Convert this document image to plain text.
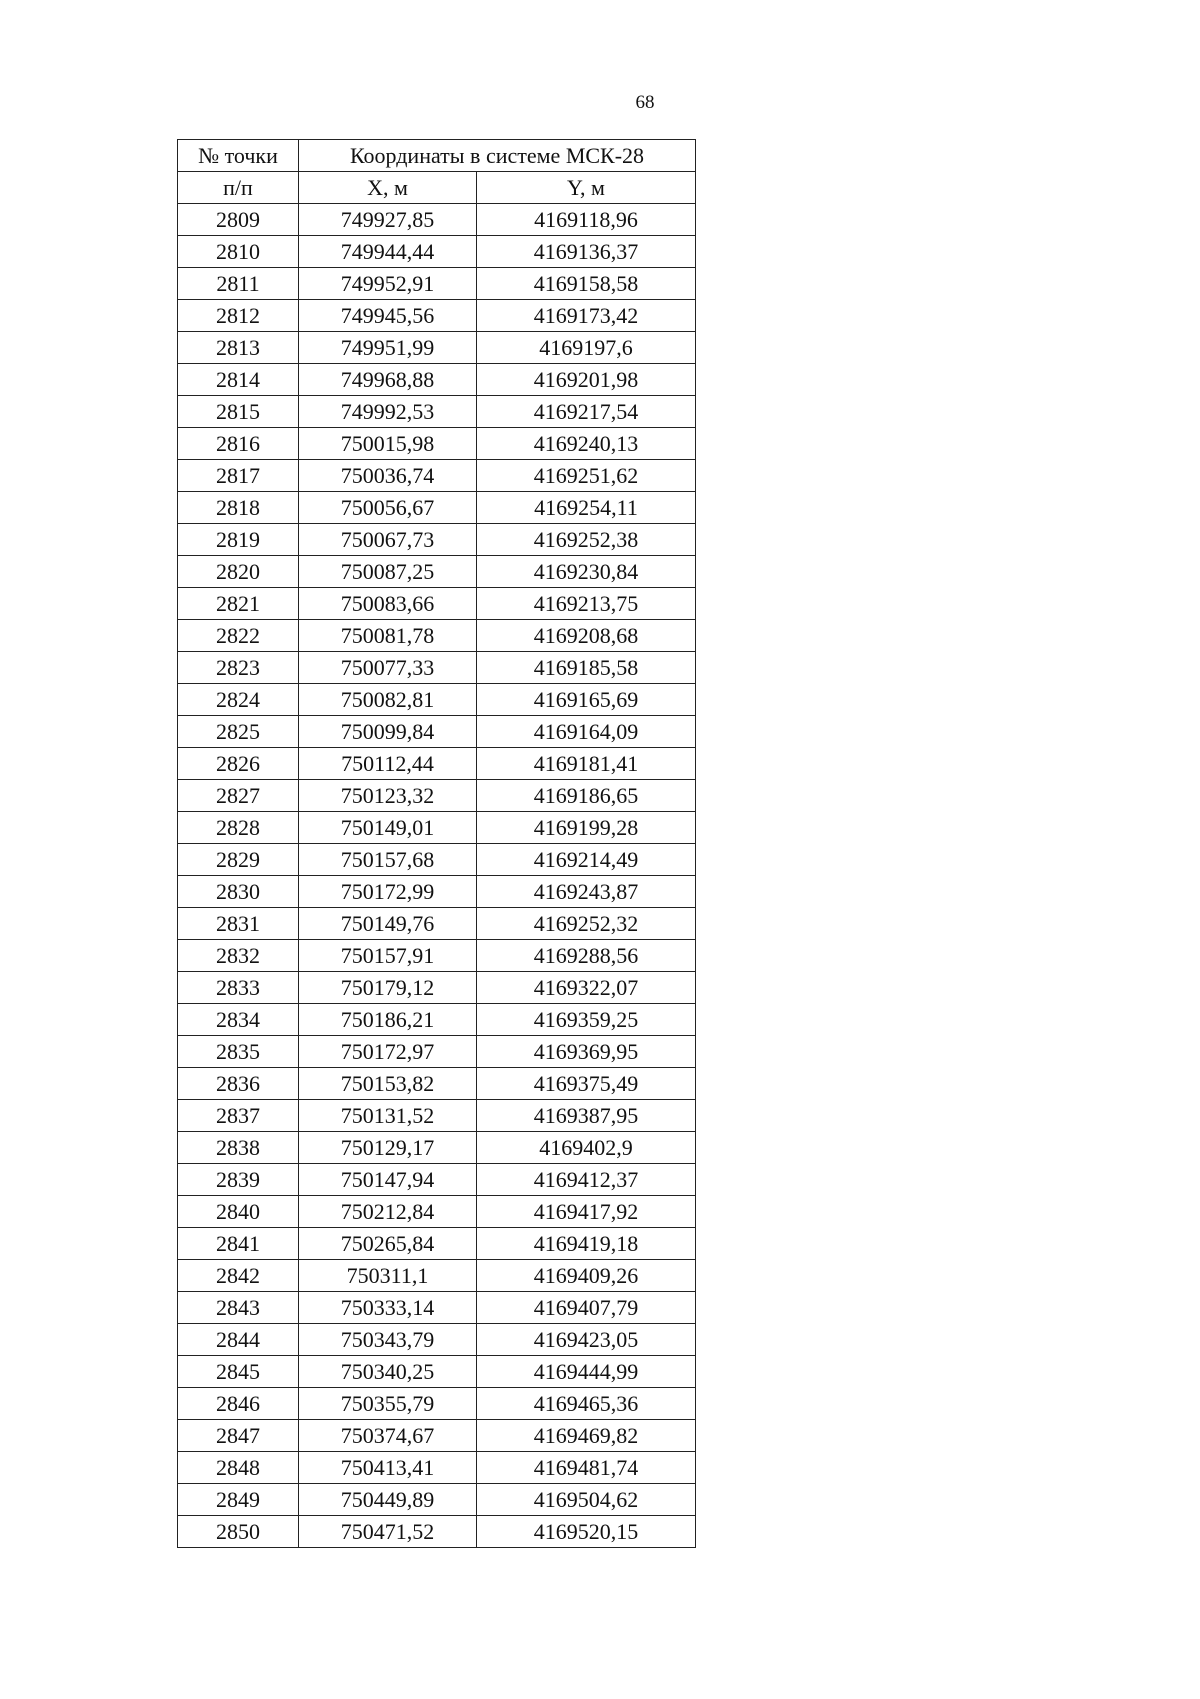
68
№ точки	Координаты в системе МСК-28	
п/п	X, м	Y, м
2809	749927,85	4169118,96
2810	749944,44	4169136,37
2811	749952,91	4169158,58
2812	749945,56	4169173,42
2813	749951,99	4169197,6
2814	749968,88	4169201,98
2815	749992,53	4169217,54
2816	750015,98	4169240,13
2817	750036,74	4169251,62
2818	750056,67	4169254,11
2819	750067,73	4169252,38
2820	750087,25	4169230,84
2821	750083,66	4169213,75
2822	750081,78	4169208,68
2823	750077,33	4169185,58
2824	750082,81	4169165,69
2825	750099,84	4169164,09
2826	750112,44	4169181,41
2827	750123,32	4169186,65
2828	750149,01	4169199,28
2829	750157,68	4169214,49
2830	750172,99	4169243,87
2831	750149,76	4169252,32
2832	750157,91	4169288,56
2833	750179,12	4169322,07
2834	750186,21	4169359,25
2835	750172,97	4169369,95
2836	750153,82	4169375,49
2837	750131,52	4169387,95
2838	750129,17	4169402,9
2839	750147,94	4169412,37
2840	750212,84	4169417,92
2841	750265,84	4169419,18
2842	750311,1	4169409,26
2843	750333,14	4169407,79
2844	750343,79	4169423,05
2845	750340,25	4169444,99
2846	750355,79	4169465,36
2847	750374,67	4169469,82
2848	750413,41	4169481,74
2849	750449,89	4169504,62
2850	750471,52	4169520,15
